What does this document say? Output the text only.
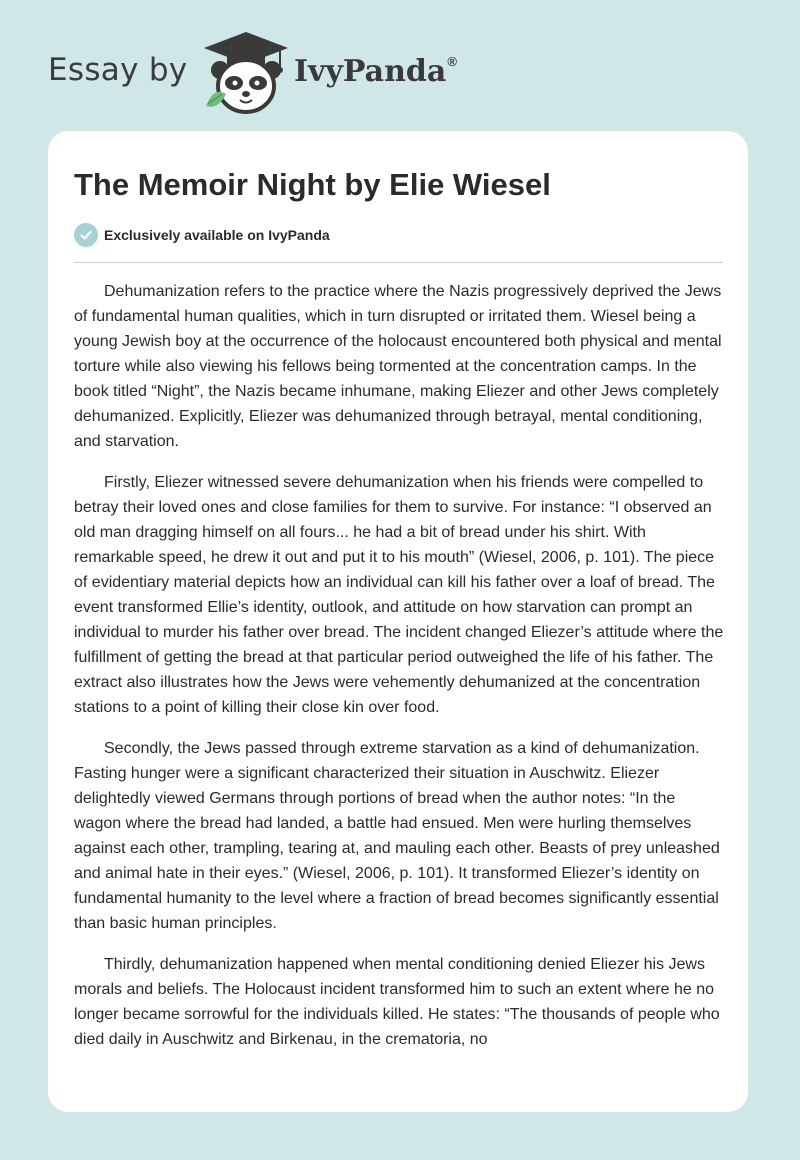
Essay by	IvyPanda®
The Memoir Night by Elie Wiesel
Exclusively available on IvyPanda

Dehumanization refers to the practice where the Nazis progressively deprived the Jews of fundamental human qualities, which in turn disrupted or irritated them. Wiesel being a young Jewish boy at the occurrence of the holocaust encountered both physical and mental torture while also viewing his fellows being tormented at the concentration camps. In the book titled “Night”, the Nazis became inhumane, making Eliezer and other Jews completely dehumanized. Explicitly, Eliezer was dehumanized through betrayal, mental conditioning, and starvation.

Firstly, Eliezer witnessed severe dehumanization when his friends were compelled to betray their loved ones and close families for them to survive. For instance: “I observed an old man dragging himself on all fours... he had a bit of bread under his shirt. With remarkable speed, he drew it out and put it to his mouth” (Wiesel, 2006, p. 101). The piece of evidentiary material depicts how an individual can kill his father over a loaf of bread. The event transformed Ellie’s identity, outlook, and attitude on how starvation can prompt an individual to murder his father over bread. The incident changed Eliezer’s attitude where the fulfillment of getting the bread at that particular period outweighed the life of his father. The extract also illustrates how the Jews were vehemently dehumanized at the concentration stations to a point of killing their close kin over food.

Secondly, the Jews passed through extreme starvation as a kind of dehumanization. Fasting hunger were a significant characterized their situation in Auschwitz. Eliezer delightedly viewed Germans through portions of bread when the author notes: “In the wagon where the bread had landed, a battle had ensued. Men were hurling themselves against each other, trampling, tearing at, and mauling each other. Beasts of prey unleashed and animal hate in their eyes.” (Wiesel, 2006, p. 101). It transformed Eliezer’s identity on fundamental humanity to the level where a fraction of bread becomes significantly essential than basic human principles.

Thirdly, dehumanization happened when mental conditioning denied Eliezer his Jews morals and beliefs. The Holocaust incident transformed him to such an extent where he no longer became sorrowful for the individuals killed. He states: “The thousands of people who died daily in Auschwitz and Birkenau, in the crematoria, no
